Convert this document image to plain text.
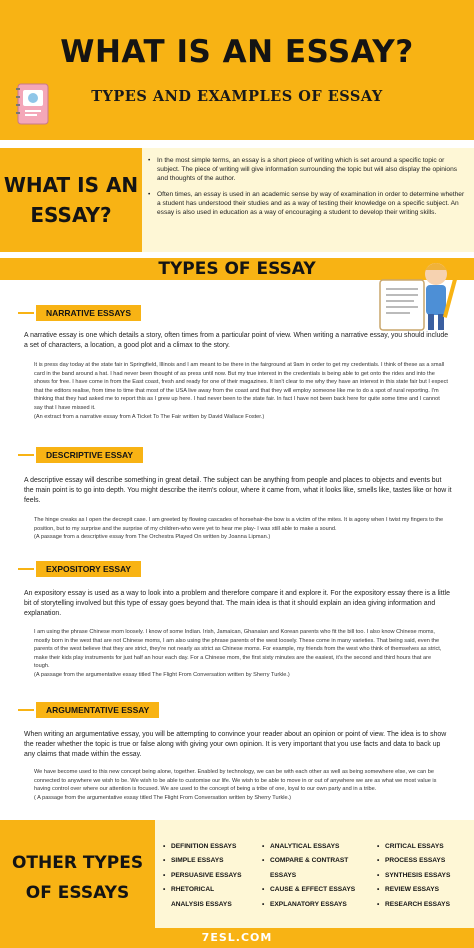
WHAT IS AN ESSAY?
TYPES AND EXAMPLES OF ESSAY
WHAT IS AN
ESSAY?
• In the most simple terms, an essay is a short piece of writing which is set around a specific topic or subject. The piece of writing will give information surrounding the topic but will also display the opinions and thoughts of the author.
• Often times, an essay is used in an academic sense by way of examination in order to determine whether a student has understood their studies and as a way of testing their knowledge on a specific subject. An essay is also used in education as a way of encouraging a student to develop their writing skills.
TYPES OF ESSAY
NARRATIVE ESSAYS
A narrative essay is one which details a story, often times from a particular point of view. When writing a narrative essay, you should include a set of characters, a location, a good plot and a climax to the story.
It is press day today at the state fair in Springfield, Illinois and I am meant to be there in the fairground at 9am in order to get my credentials. I think of these as a small card in the band around a hat. I had never been thought of as press until now. But my true interest in the credentials is being able to get onto the rides and into the shows for free. I have come in from the East coast, fresh and ready for one of their magazines. It isn't clear to me why they have an interest in this state fair but I expect that the editors realise, from time to time that most of the USA live away from the coast and that they will employ someone like me to do a spot of rural reporting. I'm thinking that they had asked me to report this as I grew up here. I had never been to the state fair. In fact I have not been back here for quite some time and I cannot say that I have missed it.
(An extract from a narrative essay from A Ticket To The Fair written by David Wallace Foster.)
DESCRIPTIVE ESSAY
A descriptive essay will describe something in great detail. The subject can be anything from people and places to objects and events but the main point is to go into depth. You might describe the item's colour, where it came from, what it looks like, smells like, tastes like or how it feels.
The hinge creaks as I open the decrepit case. I am greeted by flowing cascades of horsehair-the bow is a victim of the mites. It is agony when I twist my fingers to the position, but to my surprise and the surprise of my children-who were yet to hear me play- I was still able to make a sound.
(A passage from a descriptive essay from The Orchestra Played On written by Joanna Lipman.)
EXPOSITORY ESSAY
An expository essay is used as a way to look into a problem and therefore compare it and explore it. For the expository essay there is a little bit of storytelling involved but this type of essay goes beyond that. The main idea is that it should explain an idea giving information and explanation.
I am using the phrase Chinese mom loosely. I know of some Indian. Irish, Jamaican, Ghanaian and Korean parents who fit the bill too. I also know Chinese moms, mostly born in the west that are not Chinese moms, I am also using the phrase parents of the west loosely. These come in many varieties. That being said, even the parents of the west believe that they are strict, they're not nearly as strict as Chinese moms. For example, my friends from the west who think of themselves as strict, make their kids play instruments for just half an hour each day. For a Chinese mom, the first sixty minutes are the easiest, it's the second and third hours that are tough.
(A passage from the argumentative essay titled The Flight From Conversation written by Sherry Turkle.)
ARGUMENTATIVE ESSAY
When writing an argumentative essay, you will be attempting to convince your reader about an opinion or point of view. The idea is to show the reader whether the topic is true or false along with giving your own opinion. It is very important that you use facts and data to back up any claims that made within the essay.
We have become used to this new concept being alone, together. Enabled by technology, we can be with each other as well as being somewhere else, we can be connected to anywhere we wish to be. We wish to be able to customise our life. We wish to be able to move in or out of anywhere we are as what we most value is having control over where our attention is focused. We are used to the concept of being a tribe of one, loyal to our own party and in a tribe.
( A passage from the argumentative essay titled The Flight From Conversation written by Sherry Turkle.)
OTHER TYPES
OF ESSAYS
• DEFINITION ESSAYS
• SIMPLE ESSAYS
• PERSUASIVE ESSAYS
• RHETORICAL
ANALYSIS ESSAYS
• ANALYTICAL ESSAYS
• COMPARE & CONTRAST
ESSAYS
• CAUSE & EFFECT ESSAYS
• EXPLANATORY ESSAYS
• CRITICAL ESSAYS
• PROCESS ESSAYS
• SYNTHESIS ESSAYS
• REVIEW ESSAYS
• RESEARCH ESSAYS
7ESL.COM
